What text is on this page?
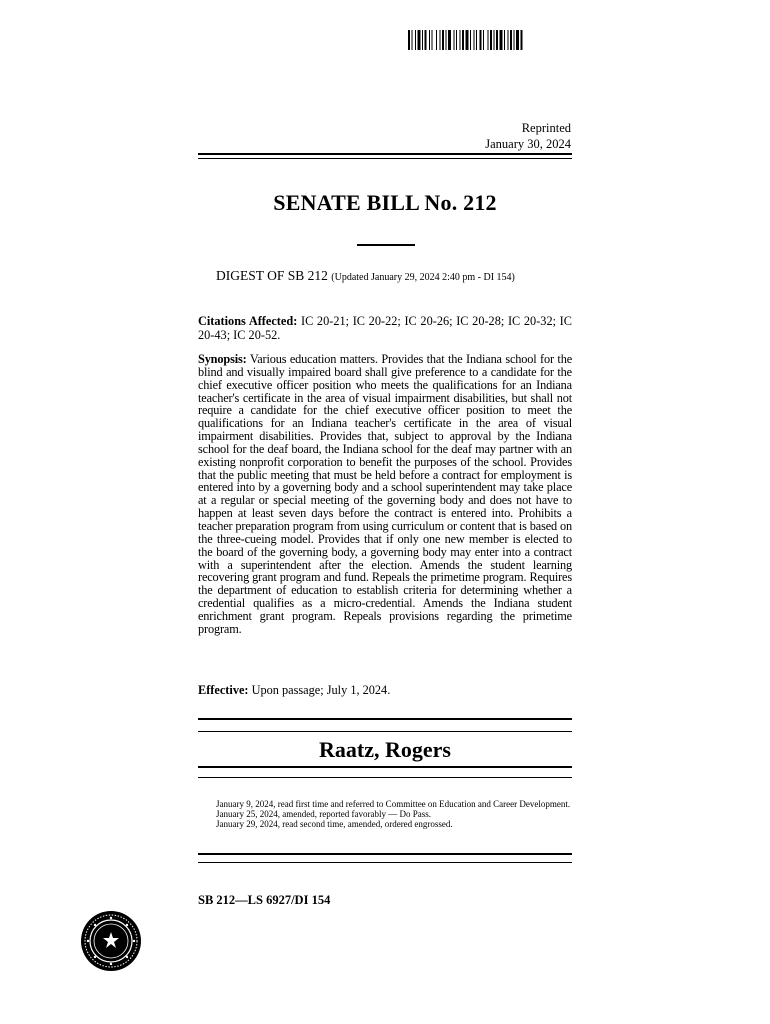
Reprinted
January 30, 2024
SENATE BILL No. 212
DIGEST OF SB 212 (Updated January 29, 2024 2:40 pm - DI 154)
Citations Affected: IC 20-21; IC 20-22; IC 20-26; IC 20-28; IC 20-32; IC 20-43; IC 20-52.
Synopsis: Various education matters. Provides that the Indiana school for the blind and visually impaired board shall give preference to a candidate for the chief executive officer position who meets the qualifications for an Indiana teacher's certificate in the area of visual impairment disabilities, but shall not require a candidate for the chief executive officer position to meet the qualifications for an Indiana teacher's certificate in the area of visual impairment disabilities. Provides that, subject to approval by the Indiana school for the deaf board, the Indiana school for the deaf may partner with an existing nonprofit corporation to benefit the purposes of the school. Provides that the public meeting that must be held before a contract for employment is entered into by a governing body and a school superintendent may take place at a regular or special meeting of the governing body and does not have to happen at least seven days before the contract is entered into. Prohibits a teacher preparation program from using curriculum or content that is based on the three-cueing model. Provides that if only one new member is elected to the board of the governing body, a governing body may enter into a contract with a superintendent after the election. Amends the student learning recovering grant program and fund. Repeals the primetime program. Requires the department of education to establish criteria for determining whether a credential qualifies as a micro-credential. Amends the Indiana student enrichment grant program. Repeals provisions regarding the primetime program.
Effective: Upon passage; July 1, 2024.
Raatz, Rogers
January 9, 2024, read first time and referred to Committee on Education and Career Development.
January 25, 2024, amended, reported favorably — Do Pass.
January 29, 2024, read second time, amended, ordered engrossed.
SB 212—LS 6927/DI 154
